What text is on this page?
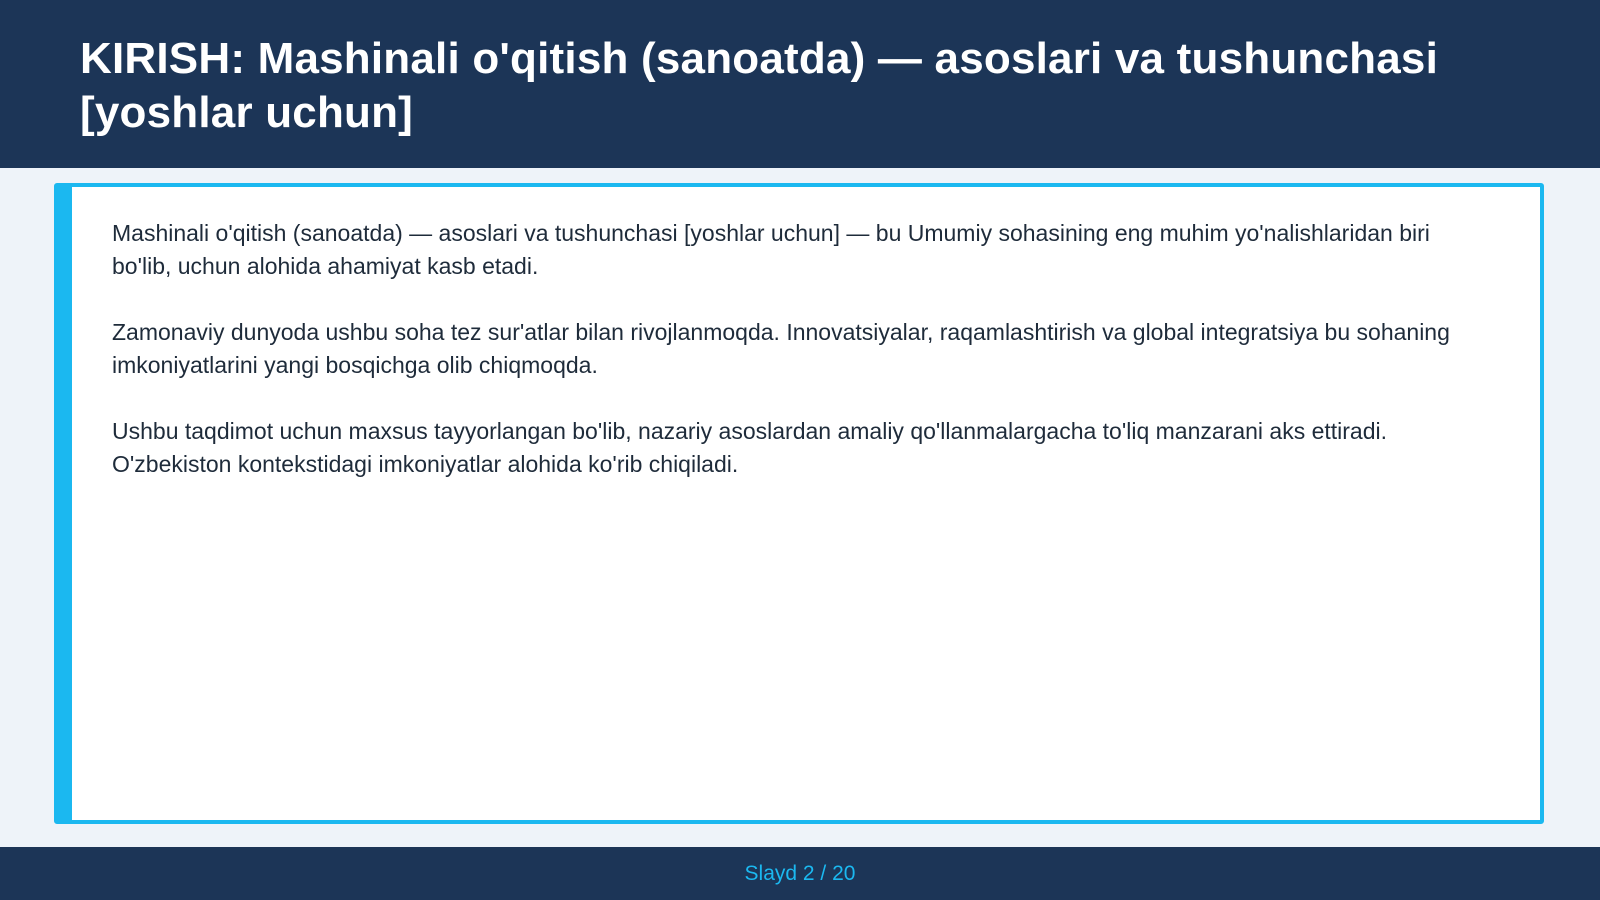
KIRISH: Mashinali o'qitish (sanoatda) — asoslari va tushunchasi [yoshlar uchun]

Mashinali o'qitish (sanoatda) — asoslari va tushunchasi [yoshlar uchun] — bu Umumiy sohasining eng muhim yo'nalishlaridan biri bo'lib, uchun alohida ahamiyat kasb etadi.

Zamonaviy dunyoda ushbu soha tez sur'atlar bilan rivojlanmoqda. Innovatsiyalar, raqamlashtirish va global integratsiya bu sohaning imkoniyatlarini yangi bosqichga olib chiqmoqda.

Ushbu taqdimot uchun maxsus tayyorlangan bo'lib, nazariy asoslardan amaliy qo'llanmalargacha to'liq manzarani aks ettiradi. O'zbekiston kontekstidagi imkoniyatlar alohida ko'rib chiqiladi.

Slayd 2 / 20
